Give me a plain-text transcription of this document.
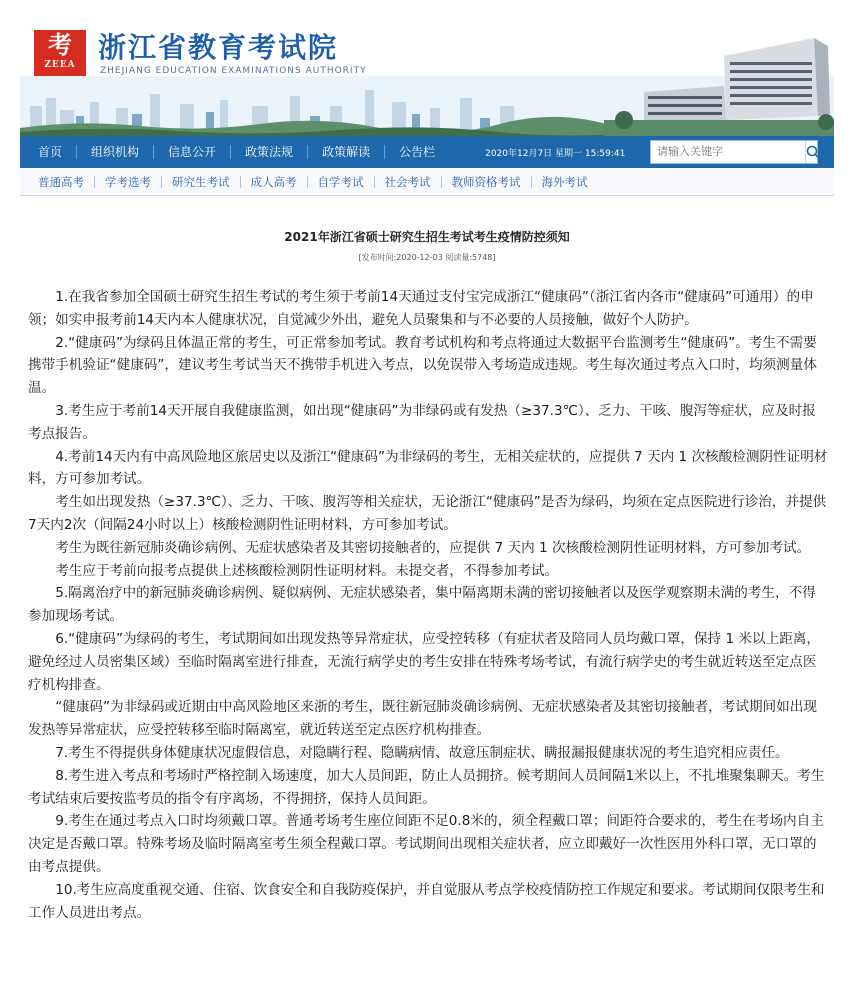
考
ZEEA
浙江省教育考试院
ZHEJIANG EDUCATION EXAMINATIONS AUTHORITY
首页	组织机构	信息公开	政策法规	政策解读	公告栏	2020年12月7日 星期一 15:59:41
请输入关键字
普通高考	学考选考	研究生考试	成人高考	自学考试	社会考试	教师资格考试	海外考试
2021年浙江省硕士研究生招生考试考生疫情防控须知
[发布时间:2020-12-03 阅读量:5748]

1.在我省参加全国硕士研究生招生考试的考生须于考前14天通过支付宝完成浙江“健康码”（浙江省内各市“健康码”可通用）的申领；如实申报考前14天内本人健康状况，自觉减少外出，避免人员聚集和与不必要的人员接触，做好个人防护。

2.“健康码”为绿码且体温正常的考生，可正常参加考试。教育考试机构和考点将通过大数据平台监测考生“健康码”。考生不需要携带手机验证“健康码”，建议考生考试当天不携带手机进入考点，以免误带入考场造成违规。考生每次通过考点入口时，均须测量体温。

3.考生应于考前14天开展自我健康监测，如出现“健康码”为非绿码或有发热（≥37.3℃）、乏力、干咳、腹泻等症状，应及时报考点报告。

4.考前14天内有中高风险地区旅居史以及浙江“健康码”为非绿码的考生，无相关症状的，应提供 7 天内 1 次核酸检测阴性证明材料，方可参加考试。

考生如出现发热（≥37.3℃）、乏力、干咳、腹泻等相关症状，无论浙江“健康码”是否为绿码，均须在定点医院进行诊治，并提供7天内2次（间隔24小时以上）核酸检测阴性证明材料，方可参加考试。

考生为既往新冠肺炎确诊病例、无症状感染者及其密切接触者的，应提供 7 天内 1 次核酸检测阴性证明材料，方可参加考试。

考生应于考前向报考点提供上述核酸检测阴性证明材料。未提交者，不得参加考试。

5.隔离治疗中的新冠肺炎确诊病例、疑似病例、无症状感染者，集中隔离期未满的密切接触者以及医学观察期未满的考生，不得参加现场考试。

6.“健康码”为绿码的考生，考试期间如出现发热等异常症状，应受控转移（有症状者及陪同人员均戴口罩，保持 1 米以上距离，避免经过人员密集区域）至临时隔离室进行排查，无流行病学史的考生安排在特殊考场考试，有流行病学史的考生就近转送至定点医疗机构排查。

“健康码”为非绿码或近期由中高风险地区来浙的考生，既往新冠肺炎确诊病例、无症状感染者及其密切接触者，考试期间如出现发热等异常症状，应受控转移至临时隔离室，就近转送至定点医疗机构排查。

7.考生不得提供身体健康状况虚假信息，对隐瞒行程、隐瞒病情、故意压制症状、瞒报漏报健康状况的考生追究相应责任。

8.考生进入考点和考场时严格控制入场速度，加大人员间距，防止人员拥挤。候考期间人员间隔1米以上，不扎堆聚集聊天。考生考试结束后要按监考员的指令有序离场，不得拥挤，保持人员间距。

9.考生在通过考点入口时均须戴口罩。普通考场考生座位间距不足0.8米的，须全程戴口罩；间距符合要求的，考生在考场内自主决定是否戴口罩。特殊考场及临时隔离室考生须全程戴口罩。考试期间出现相关症状者，应立即戴好一次性医用外科口罩，无口罩的由考点提供。

10.考生应高度重视交通、住宿、饮食安全和自我防疫保护，并自觉服从考点学校疫情防控工作规定和要求。考试期间仅限考生和工作人员进出考点。
